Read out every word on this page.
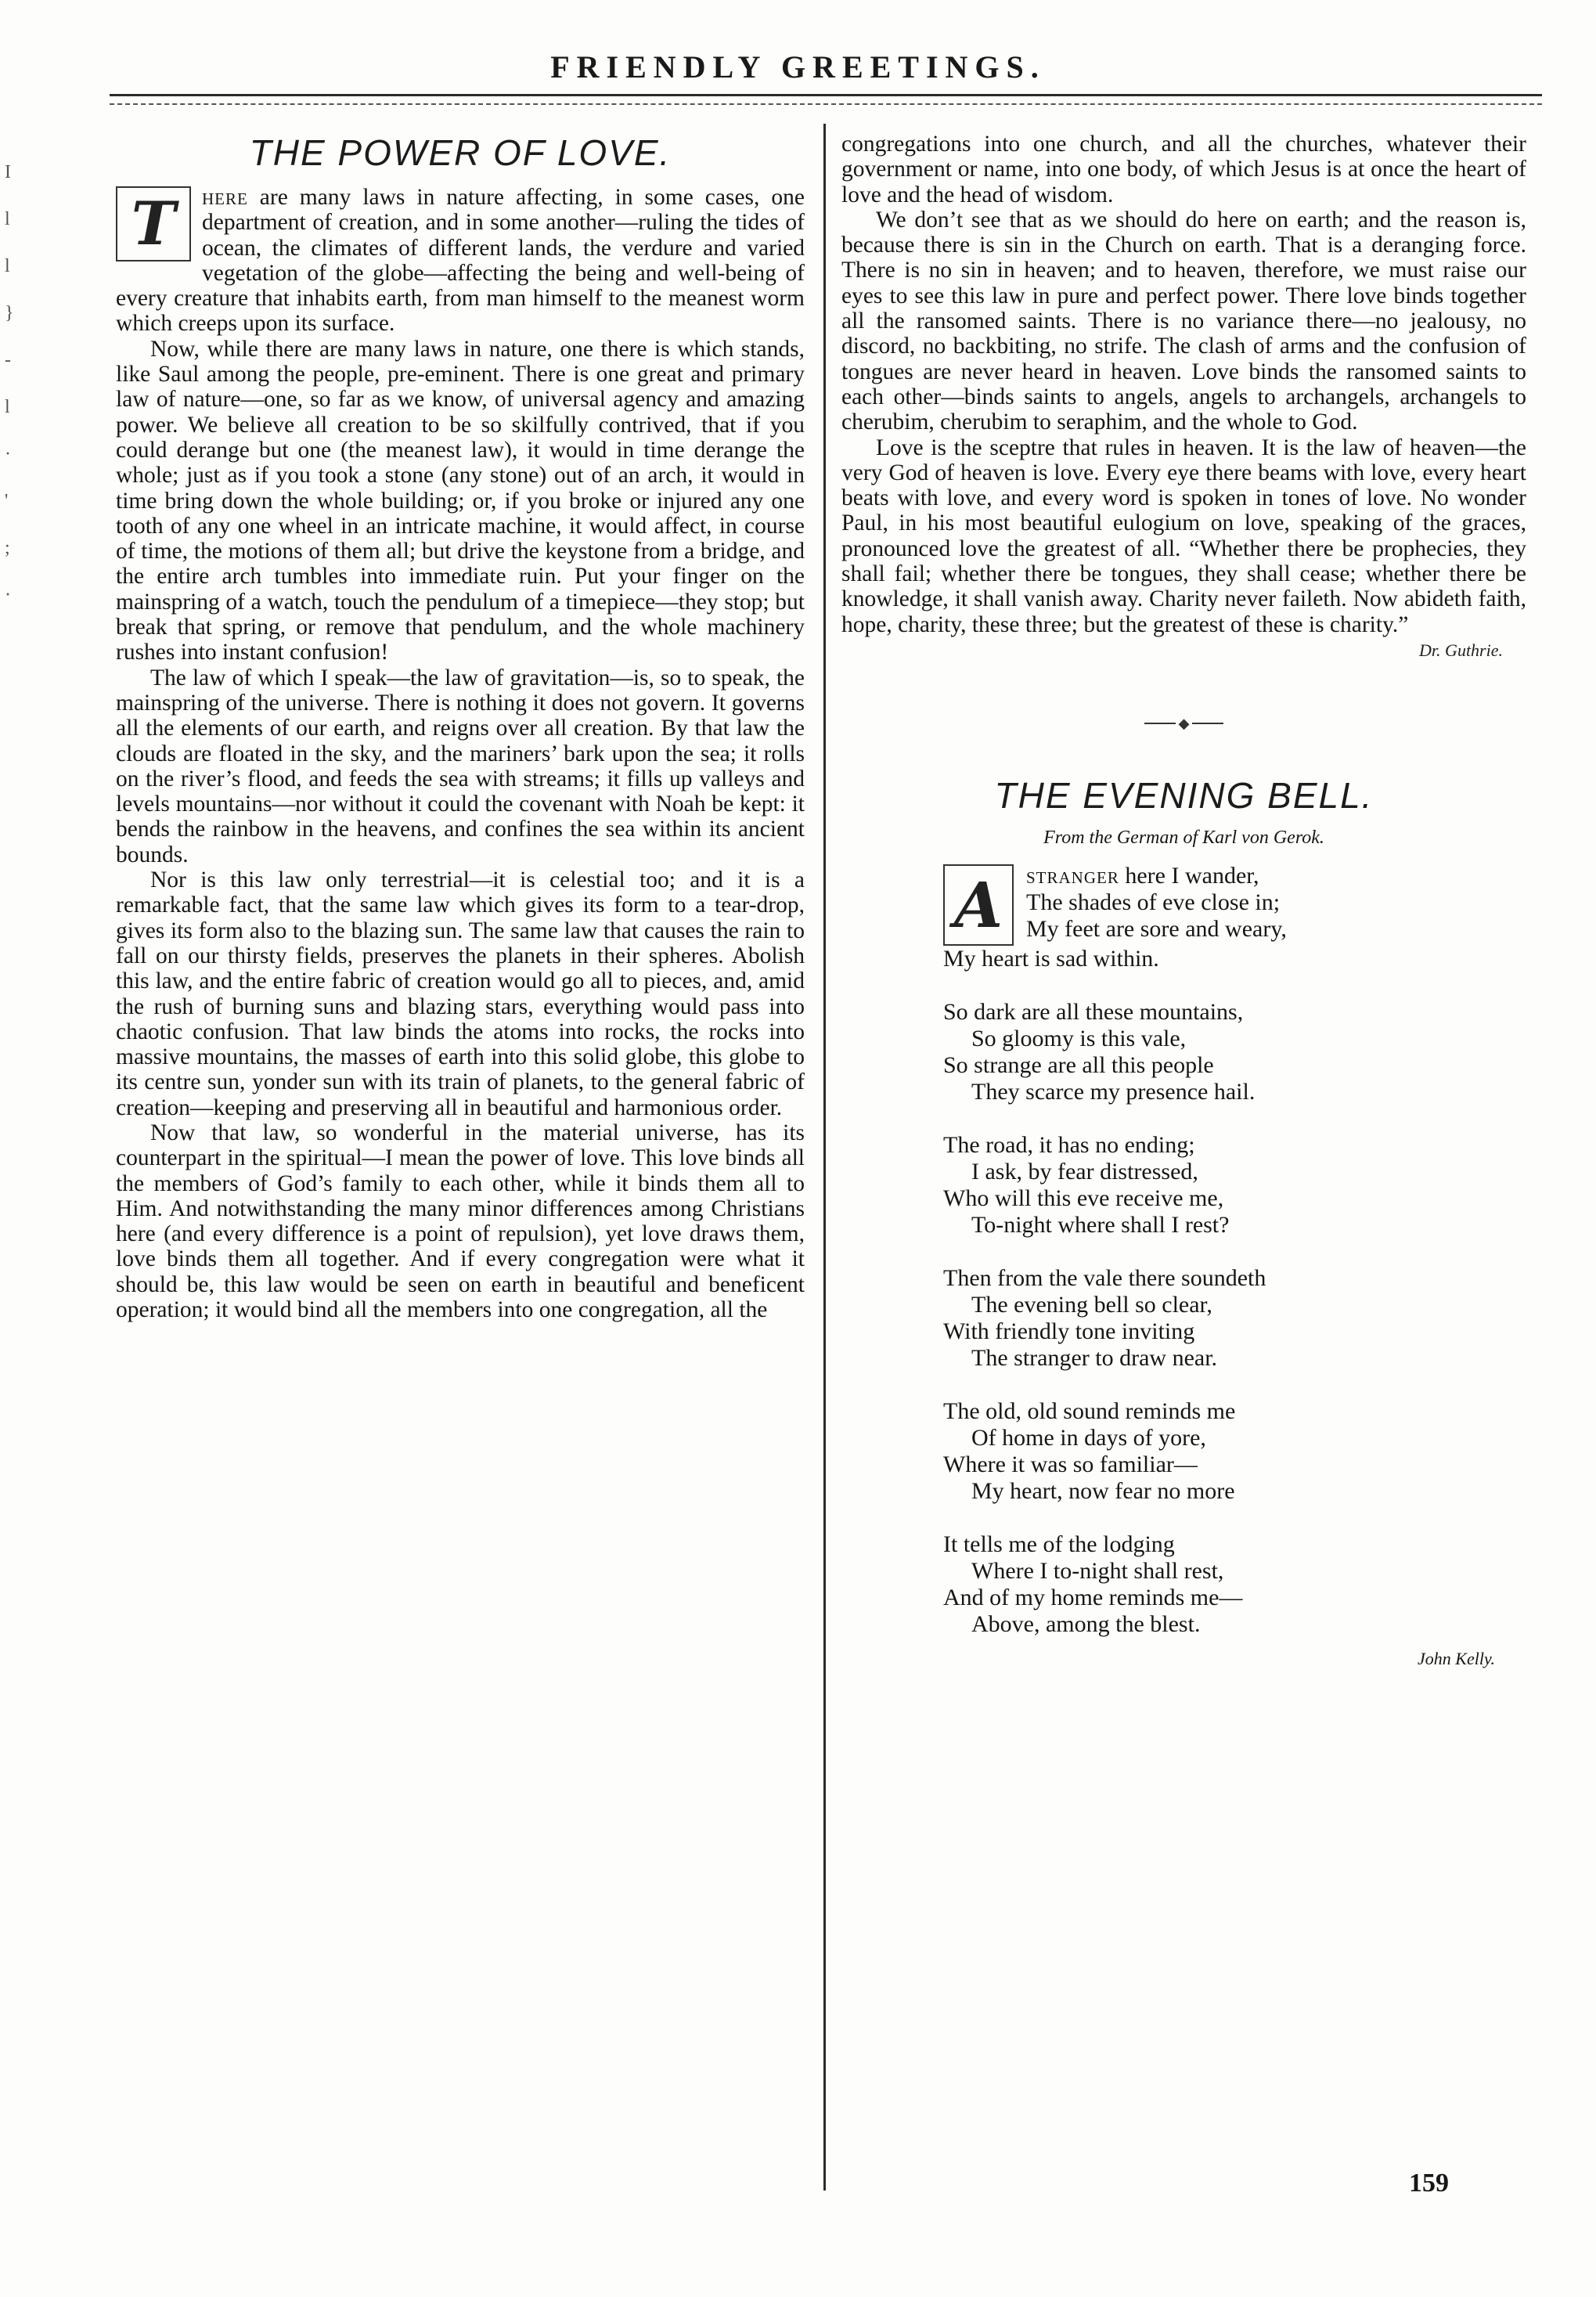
FRIENDLY GREETINGS.
I
l
l
}
-
l
·
'
;
·
THE POWER OF LOVE.

T	here are many laws in nature affecting, in some cases, one department of creation, and in some another—ruling the tides of ocean, the climates of different lands, the verdure and varied vegetation of the globe—affecting the being and well-being of every creature that inhabits earth, from man himself to the meanest worm which creeps upon its surface.

Now, while there are many laws in nature, one there is which stands, like Saul among the people, pre-eminent. There is one great and primary law of nature—one, so far as we know, of universal agency and amazing power. We believe all creation to be so skilfully contrived, that if you could derange but one (the meanest law), it would in time derange the whole; just as if you took a stone (any stone) out of an arch, it would in time bring down the whole building; or, if you broke or injured any one tooth of any one wheel in an intricate machine, it would affect, in course of time, the motions of them all; but drive the keystone from a bridge, and the entire arch tumbles into immediate ruin. Put your finger on the mainspring of a watch, touch the pendulum of a timepiece—they stop; but break that spring, or remove that pendulum, and the whole machinery rushes into instant confusion!

The law of which I speak—the law of gravitation—is, so to speak, the mainspring of the universe. There is nothing it does not govern. It governs all the elements of our earth, and reigns over all creation. By that law the clouds are floated in the sky, and the mariners’ bark upon the sea; it rolls on the river’s flood, and feeds the sea with streams; it fills up valleys and levels mountains—nor without it could the covenant with Noah be kept: it bends the rainbow in the heavens, and confines the sea within its ancient bounds.

Nor is this law only terrestrial—it is celestial too; and it is a remarkable fact, that the same law which gives its form to a tear-drop, gives its form also to the blazing sun. The same law that causes the rain to fall on our thirsty fields, preserves the planets in their spheres. Abolish this law, and the entire fabric of creation would go all to pieces, and, amid the rush of burning suns and blazing stars, everything would pass into chaotic confusion. That law binds the atoms into rocks, the rocks into massive mountains, the masses of earth into this solid globe, this globe to its centre sun, yonder sun with its train of planets, to the general fabric of creation—keeping and preserving all in beautiful and harmonious order.

Now that law, so wonderful in the material universe, has its counterpart in the spiritual—I mean the power of love. This love binds all the members of God’s family to each other, while it binds them all to Him. And notwithstanding the many minor differences among Christians here (and every difference is a point of repulsion), yet love draws them, love binds them all together. And if every congregation were what it should be, this law would be seen on earth in beautiful and beneficent operation; it would bind all the members into one congregation, all the

congregations into one church, and all the churches, whatever their government or name, into one body, of which Jesus is at once the heart of love and the head of wisdom.

We don’t see that as we should do here on earth; and the reason is, because there is sin in the Church on earth. That is a deranging force. There is no sin in heaven; and to heaven, therefore, we must raise our eyes to see this law in pure and perfect power. There love binds together all the ransomed saints. There is no variance there—no jealousy, no discord, no backbiting, no strife. The clash of arms and the confusion of tongues are never heard in heaven. Love binds the ransomed saints to each other—binds saints to angels, angels to archangels, archangels to cherubim, cherubim to seraphim, and the whole to God.

Love is the sceptre that rules in heaven. It is the law of heaven—the very God of heaven is love. Every eye there beams with love, every heart beats with love, and every word is spoken in tones of love. No wonder Paul, in his most beautiful eulogium on love, speaking of the graces, pronounced love the greatest of all. “Whether there be prophecies, they shall fail; whether there be tongues, they shall cease; whether there be knowledge, it shall vanish away. Charity never faileth. Now abideth faith, hope, charity, these three; but the greatest of these is charity.”

Dr. Guthrie.
◆
THE EVENING BELL.
From the German of Karl von Gerok.
A stranger here I wander,
The shades of eve close in;
My feet are sore and weary,
My heart is sad within.
So dark are all these mountains,
So gloomy is this vale,
So strange are all this people
They scarce my presence hail.
The road, it has no ending;
I ask, by fear distressed,
Who will this eve receive me,
To-night where shall I rest?
Then from the vale there soundeth
The evening bell so clear,
With friendly tone inviting
The stranger to draw near.
The old, old sound reminds me
Of home in days of yore,
Where it was so familiar—
My heart, now fear no more
It tells me of the lodging
Where I to-night shall rest,
And of my home reminds me—
Above, among the blest.
John Kelly.
159
